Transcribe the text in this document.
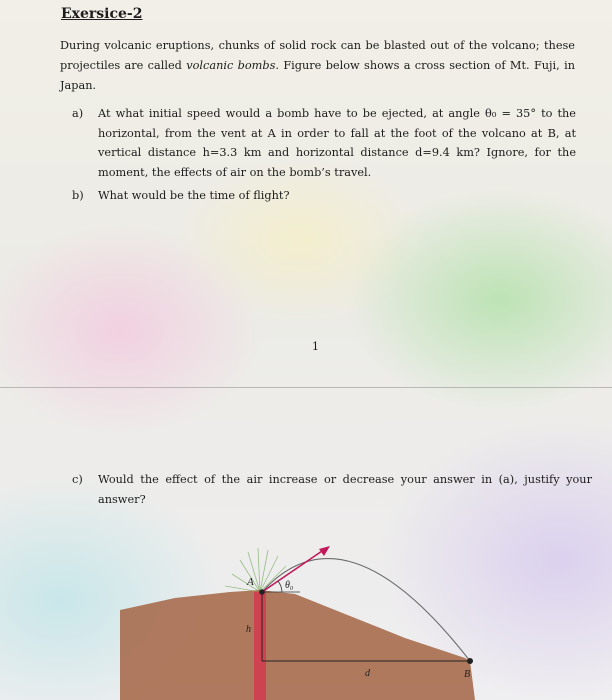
Exersice-2
During volcanic eruptions, chunks of solid rock can be blasted out of the volcano; these projectiles are called volcanic bombs. Figure below shows a cross section of Mt. Fuji, in Japan.
a) At what initial speed would a bomb have to be ejected, at angle θ₀ = 35° to the horizontal, from the vent at A in order to fall at the foot of the volcano at B, at vertical distance h=3.3 km and horizontal distance d=9.4 km? Ignore, for the moment, the effects of air on the bomb’s travel.
b) What would be the time of flight?
1
c) Would the effect of the air increase or decrease your answer in (a), justify your answer?
A	θ₀
h
d	B
